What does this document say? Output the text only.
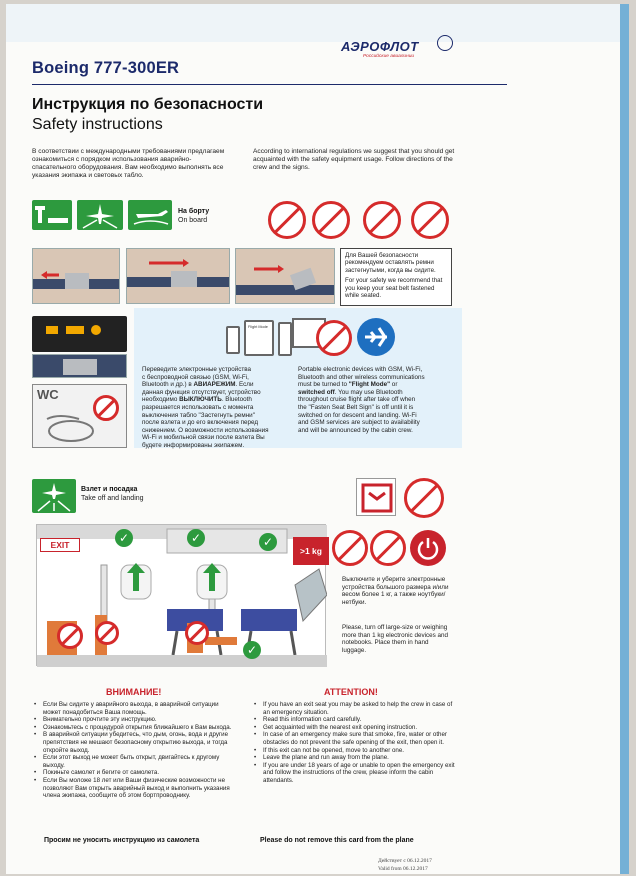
Boeing 777-300ER
АЭРОФЛОТ
Российские авиалинии
Инструкция по безопасности
Safety instructions
В соответствии с международными требованиями предлагаем ознакомиться с порядком использования аварийно-спасательного оборудования. Вам необходимо выполнять все указания экипажа и световых табло.
According to international regulations we suggest that you should get acquainted with the safety equipment usage. Follow directions of the crew and the signs.
На борту
On board
Для Вашей безопасности рекомендуем оставлять ремни застегнутыми, когда вы сидите.
For your safety we recommend that you keep your seat belt fastened while seated.
WC
Flight Mode
Переведите электронные устройства
с беспроводной связью (GSM, Wi-Fi,
Bluetooth и др.) в АВИАРЕЖИМ. Если
данная функция отсутствует, устройство
необходимо ВЫКЛЮЧИТЬ. Bluetooth
разрешается использовать с момента
выключения табло "Застегнуть ремни"
после взлета и до его включения перед
снижением. О возможности использования
Wi-Fi и мобильной связи после взлета Вы
будете информированы экипажем.
Portable electronic devices with GSM, Wi-Fi,
Bluetooth and other wireless communications
must be turned to "Flight Mode" or
switched off. You may use Bluetooth
throughout cruise flight after take off when
the "Fasten Seat Belt Sign" is off until it is
switched on for descent and landing. Wi-Fi
and GSM services are subject to availability
and will be announced by the cabin crew.
Взлет и посадка
Take off and landing
✓	✓	✓
✓
EXIT
>1 kg
Выключите и уберите электронные устройства большого размера и/или весом более 1 кг, а также ноутбуки/нетбуки.
Please, turn off large-size or weighing more than 1 kg electronic devices and notebooks. Place them in hand luggage.
ВНИМАНИЕ!	ATTENTION!
• Если Вы сидите у аварийного выхода, в аварийной ситуации может понадобиться Ваша помощь.
• Внимательно прочтите эту инструкцию.
• Ознакомьтесь с процедурой открытия ближайшего к Вам выхода.
• В аварийной ситуации убедитесь, что дым, огонь, вода и другие препятствия не мешают безопасному открытию выхода, и тогда откройте выход.
• Если этот выход не может быть открыт, двигайтесь к другому выходу.
• Покиньте самолет и бегите от самолета.
• Если Вы моложе 18 лет или Ваши физические возможности не позволяют Вам открыть аварийный выход и выполнить указания члена экипажа, сообщите об этом бортпроводнику.
• If you have an exit seat you may be asked to help the crew in case of an emergency situation.
• Read this information card carefully.
• Get acquainted with the nearest exit opening instruction.
• In case of an emergency make sure that smoke, fire, water or other obstacles do not prevent the safe opening of the exit, then open it.
• If this exit can not be opened, move to another one.
• Leave the plane and run away from the plane.
• If you are under 18 years of age or unable to open the emergency exit and follow the instructions of the crew, please inform the cabin attendants.
Просим не уносить инструкцию из самолета	Please do not remove this card from the plane
Действует с 06.12.2017
Valid from 06.12.2017
